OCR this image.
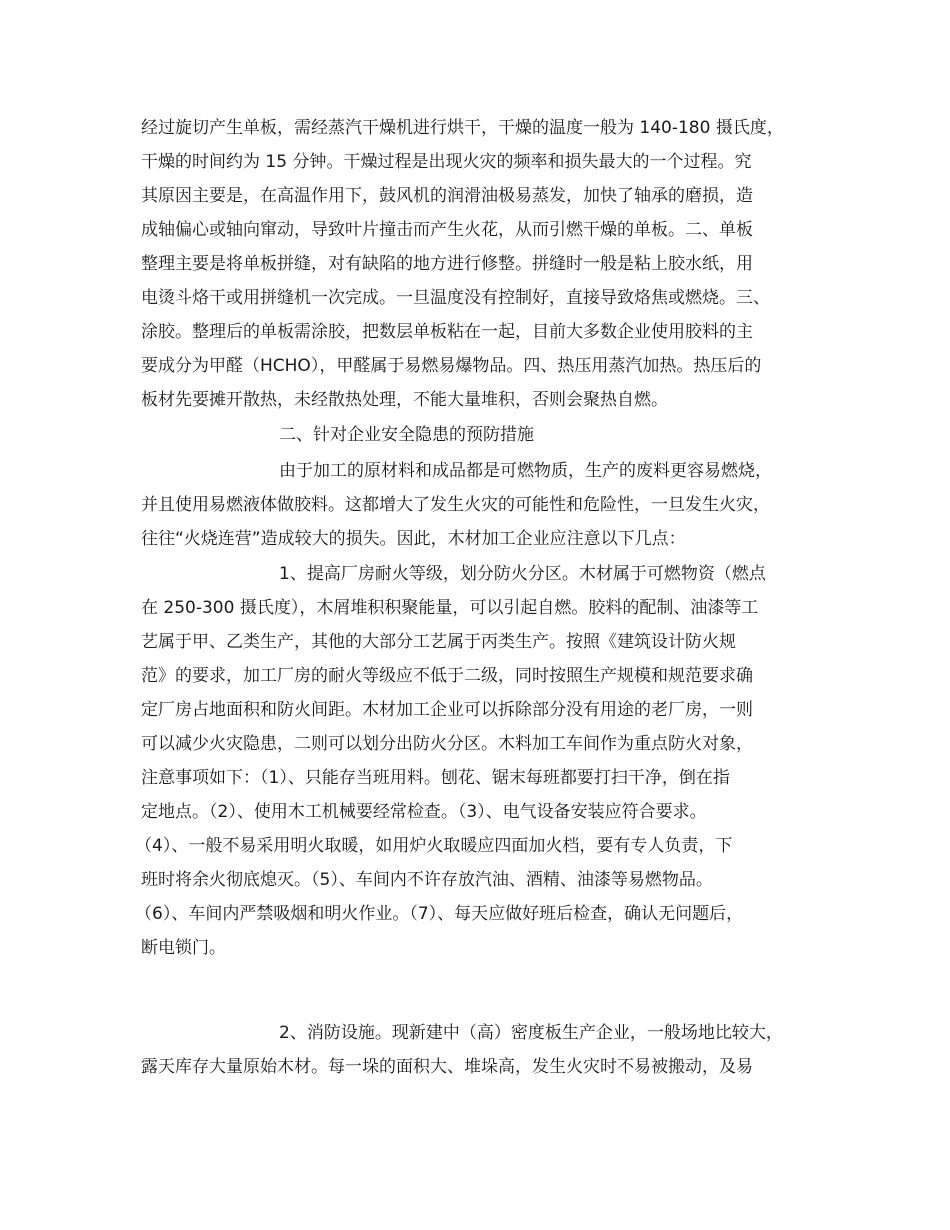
经过旋切产生单板，需经蒸汽干燥机进行烘干，干燥的温度一般为 140-180 摄氏度，
干燥的时间约为 15 分钟。干燥过程是出现火灾的频率和损失最大的一个过程。究
其原因主要是，在高温作用下，鼓风机的润滑油极易蒸发，加快了轴承的磨损，造
成轴偏心或轴向窜动，导致叶片撞击而产生火花，从而引燃干燥的单板。二、单板
整理主要是将单板拼缝，对有缺陷的地方进行修整。拼缝时一般是粘上胶水纸，用
电烫斗烙干或用拼缝机一次完成。一旦温度没有控制好，直接导致烙焦或燃烧。三、
涂胶。整理后的单板需涂胶，把数层单板粘在一起，目前大多数企业使用胶料的主
要成分为甲醛（HCHO），甲醛属于易燃易爆物品。四、热压用蒸汽加热。热压后的
板材先要摊开散热，未经散热处理，不能大量堆积，否则会聚热自燃。
二、针对企业安全隐患的预防措施
由于加工的原材料和成品都是可燃物质，生产的废料更容易燃烧，
并且使用易燃液体做胶料。这都增大了发生火灾的可能性和危险性，一旦发生火灾，
往往“火烧连营”造成较大的损失。因此，木材加工企业应注意以下几点：
1、提高厂房耐火等级，划分防火分区。木材属于可燃物资（燃点
在 250-300 摄氏度），木屑堆积积聚能量，可以引起自燃。胶料的配制、油漆等工
艺属于甲、乙类生产，其他的大部分工艺属于丙类生产。按照《建筑设计防火规
范》的要求，加工厂房的耐火等级应不低于二级，同时按照生产规模和规范要求确
定厂房占地面积和防火间距。木材加工企业可以拆除部分没有用途的老厂房，一则
可以减少火灾隐患，二则可以划分出防火分区。木料加工车间作为重点防火对象，
注意事项如下：（1）、只能存当班用料。刨花、锯末每班都要打扫干净，倒在指
定地点。（2）、使用木工机械要经常检查。（3）、电气设备安装应符合要求。
（4）、一般不易采用明火取暖，如用炉火取暖应四面加火档，要有专人负责，下
班时将余火彻底熄灭。（5）、车间内不许存放汽油、酒精、油漆等易燃物品。
（6）、车间内严禁吸烟和明火作业。（7）、每天应做好班后检查，确认无问题后，
断电锁门。
2、消防设施。现新建中（高）密度板生产企业，一般场地比较大，
露天库存大量原始木材。每一垛的面积大、堆垛高，发生火灾时不易被搬动，及易
